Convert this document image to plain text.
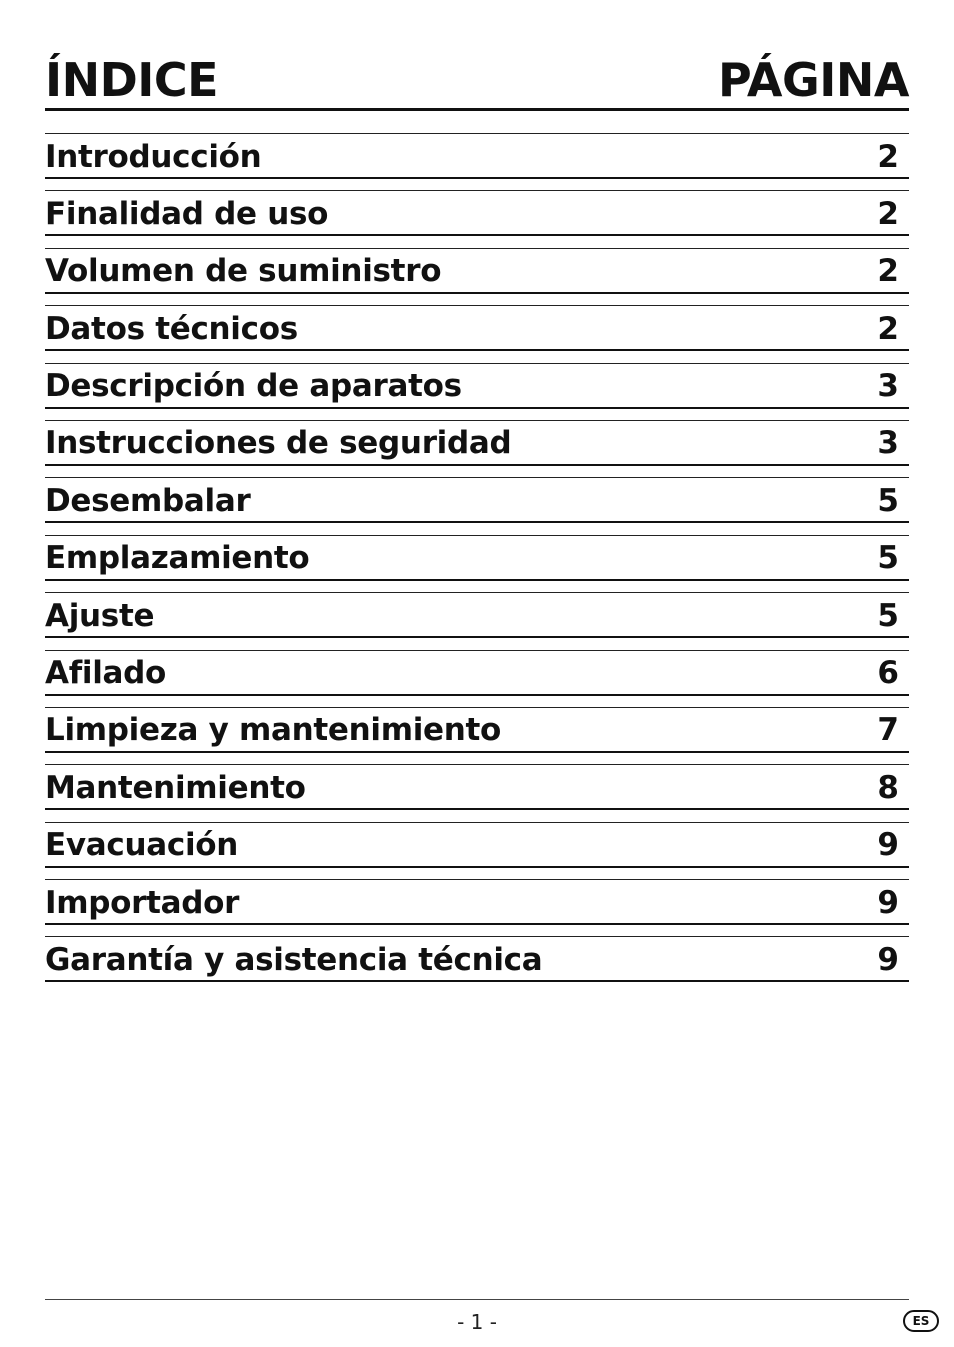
ÍNDICE	PÁGINA
Introducción	2
Finalidad de uso	2
Volumen de suministro	2
Datos técnicos	2
Descripción de aparatos	3
Instrucciones de seguridad	3
Desembalar	5
Emplazamiento	5
Ajuste	5
Afilado	6
Limpieza y mantenimiento	7
Mantenimiento	8
Evacuación	9
Importador	9
Garantía y asistencia técnica	9
- 1 -	ES
